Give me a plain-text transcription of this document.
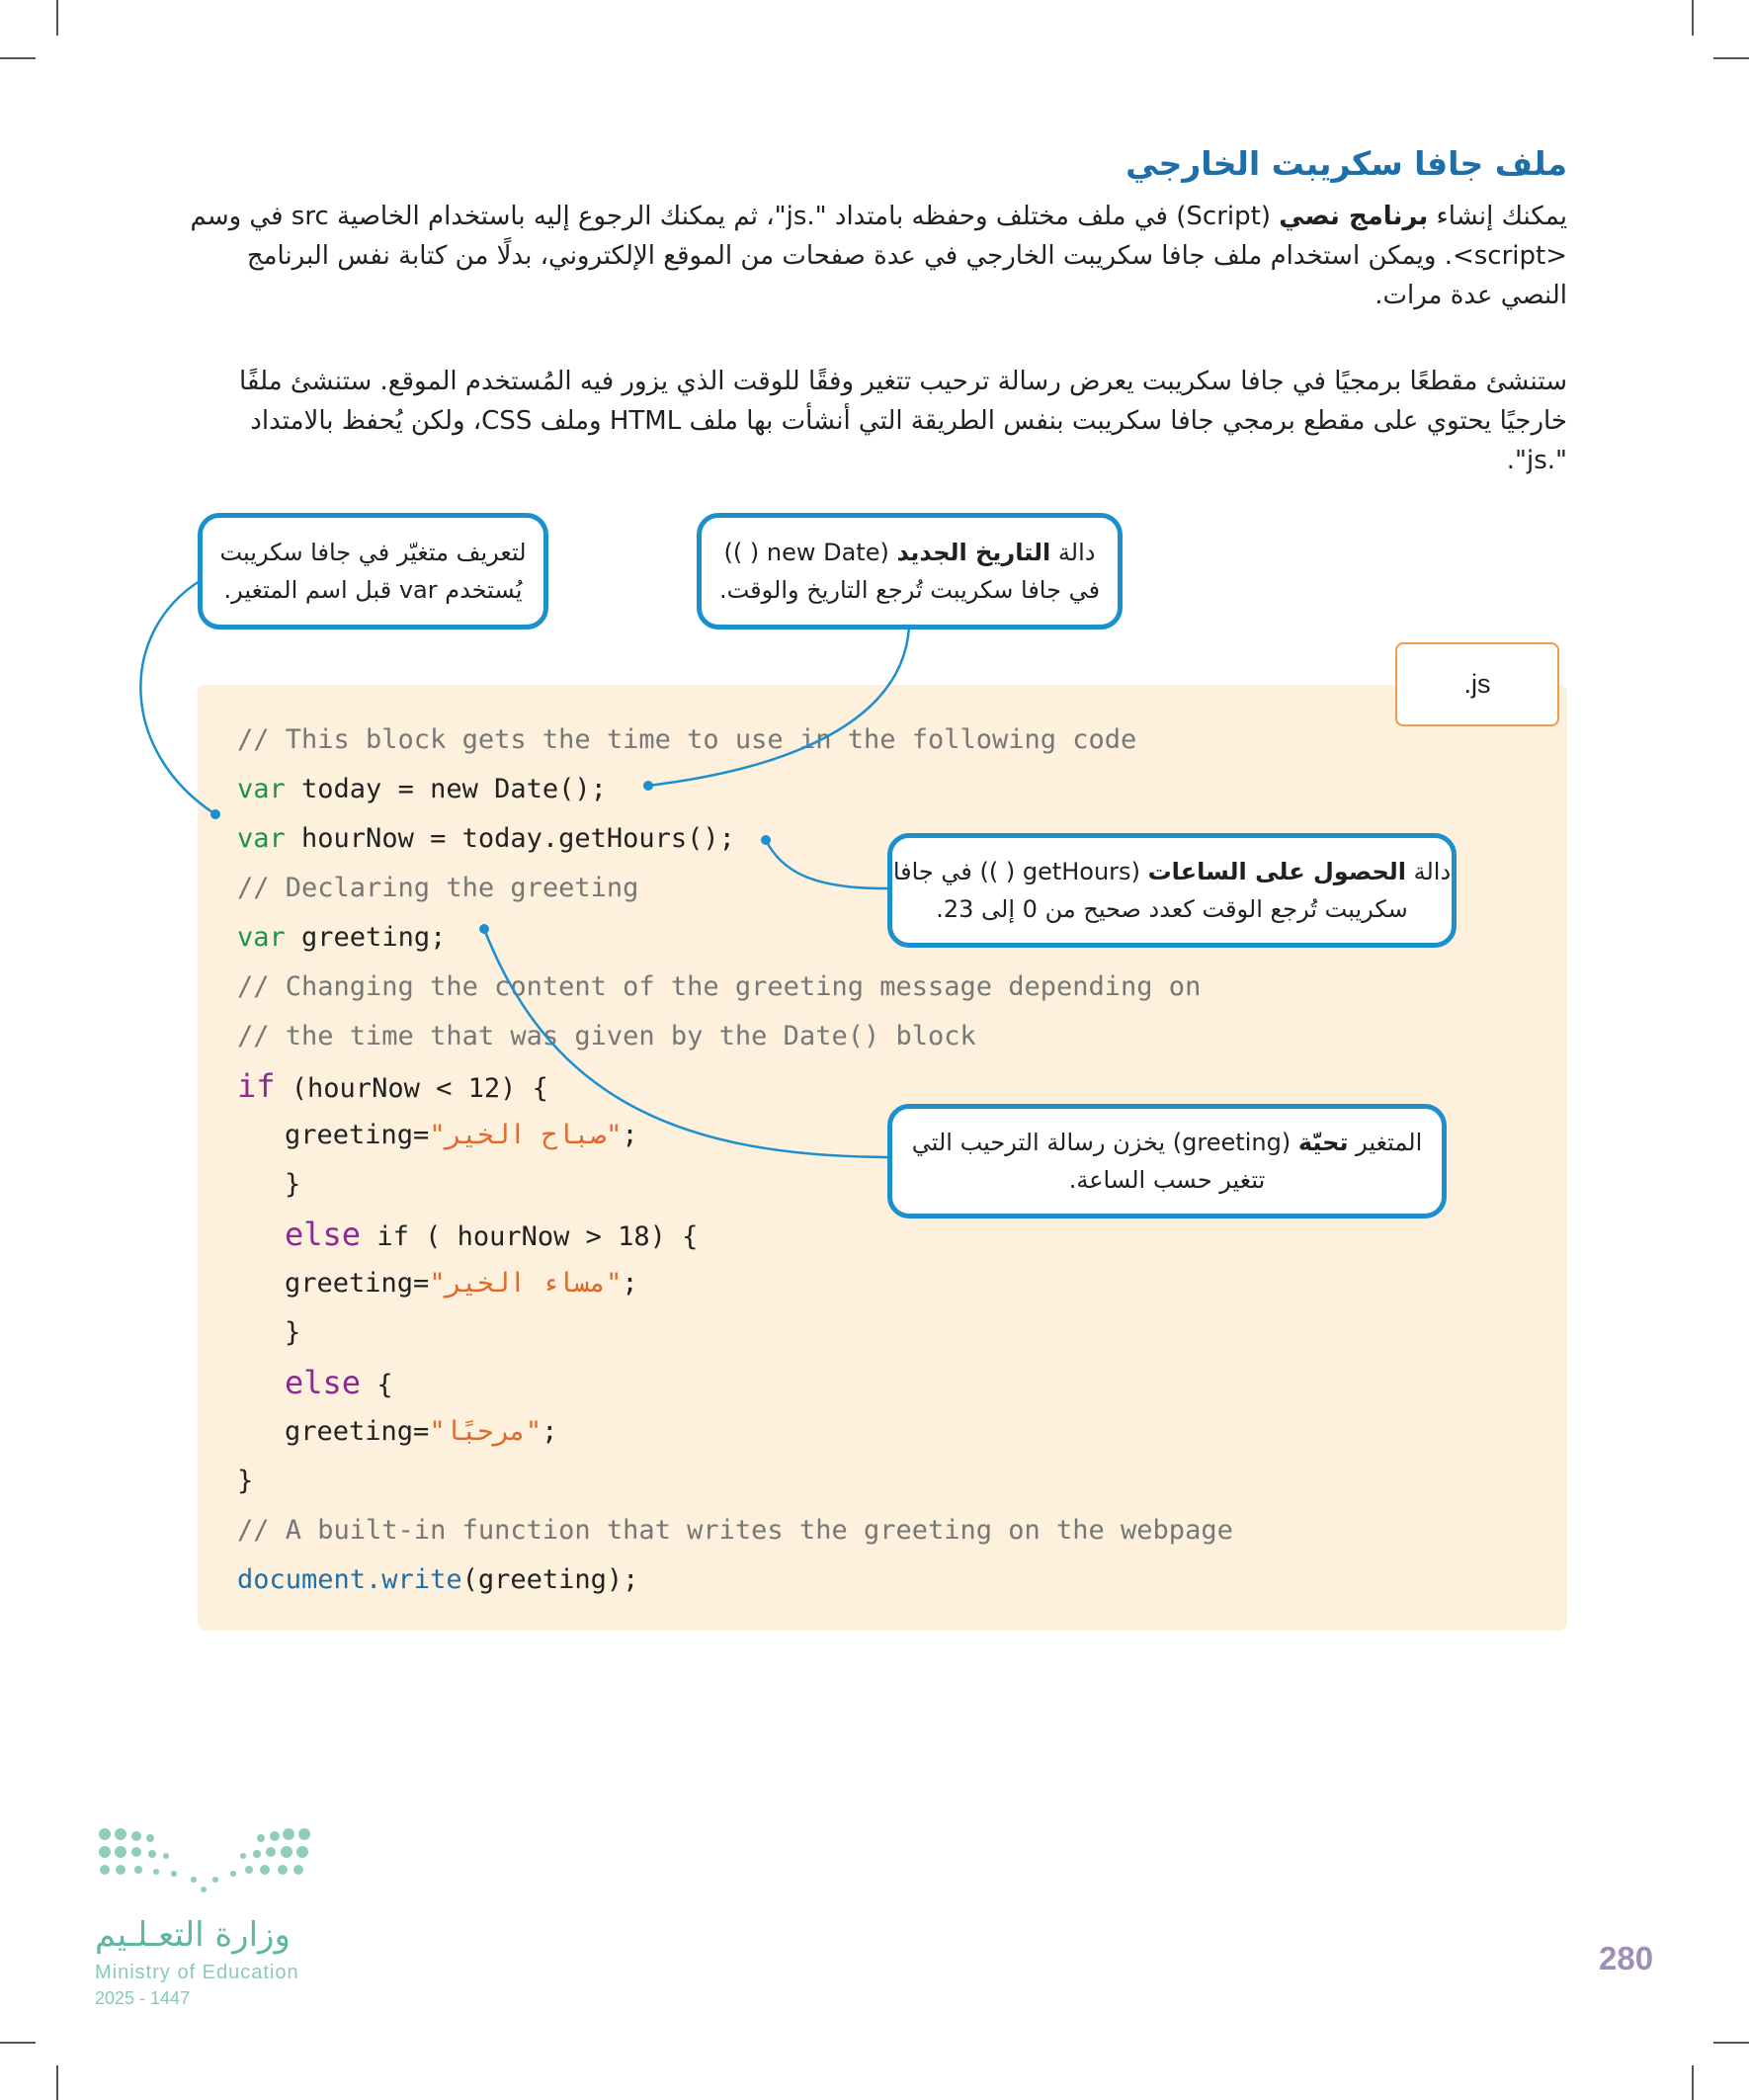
ملف جافا سكريبت الخارجي

يمكنك إنشاء برنامج نصي (Script) في ملف مختلف وحفظه بامتداد ".js"، ثم يمكنك الرجوع إليه باستخدام الخاصية src في وسم <script>. ويمكن استخدام ملف جافا سكريبت الخارجي في عدة صفحات من الموقع الإلكتروني، بدلًا من كتابة نفس البرنامج النصي عدة مرات.

ستنشئ مقطعًا برمجيًا في جافا سكريبت يعرض رسالة ترحيب تتغير وفقًا للوقت الذي يزور فيه المُستخدم الموقع. ستنشئ ملفًا خارجيًا يحتوي على مقطع برمجي جافا سكريبت بنفس الطريقة التي أنشأت بها ملف HTML وملف CSS، ولكن يُحفظ بالامتداد ".js".

.js
// This block gets the time to use in the following code
var today = new Date();
var hourNow = today.getHours();
// Declaring the greeting
var greeting;
// Changing the content of the greeting message depending on
// the time that was given by the Date() block
if (hourNow < 12) {
greeting="صباح الخير";
}
else if ( hourNow > 18) {
greeting="مساء الخير";
}
else {
greeting="مرحبًا";
}
// A built-in function that writes the greeting on the webpage
document.write(greeting);
لتعريف متغيّر في جافا سكريبت
يُستخدم var قبل اسم المتغير.
دالة التاريخ الجديد (new Date ( ))
في جافا سكريبت تُرجع التاريخ والوقت.
دالة الحصول على الساعات (getHours ( )) في جافا
سكريبت تُرجع الوقت كعدد صحيح من 0 إلى 23.
المتغير تحيّة (greeting) يخزن رسالة الترحيب التي
تتغير حسب الساعة.
وزارة التعـلـيم
Ministry of Education
2025 - 1447
280
